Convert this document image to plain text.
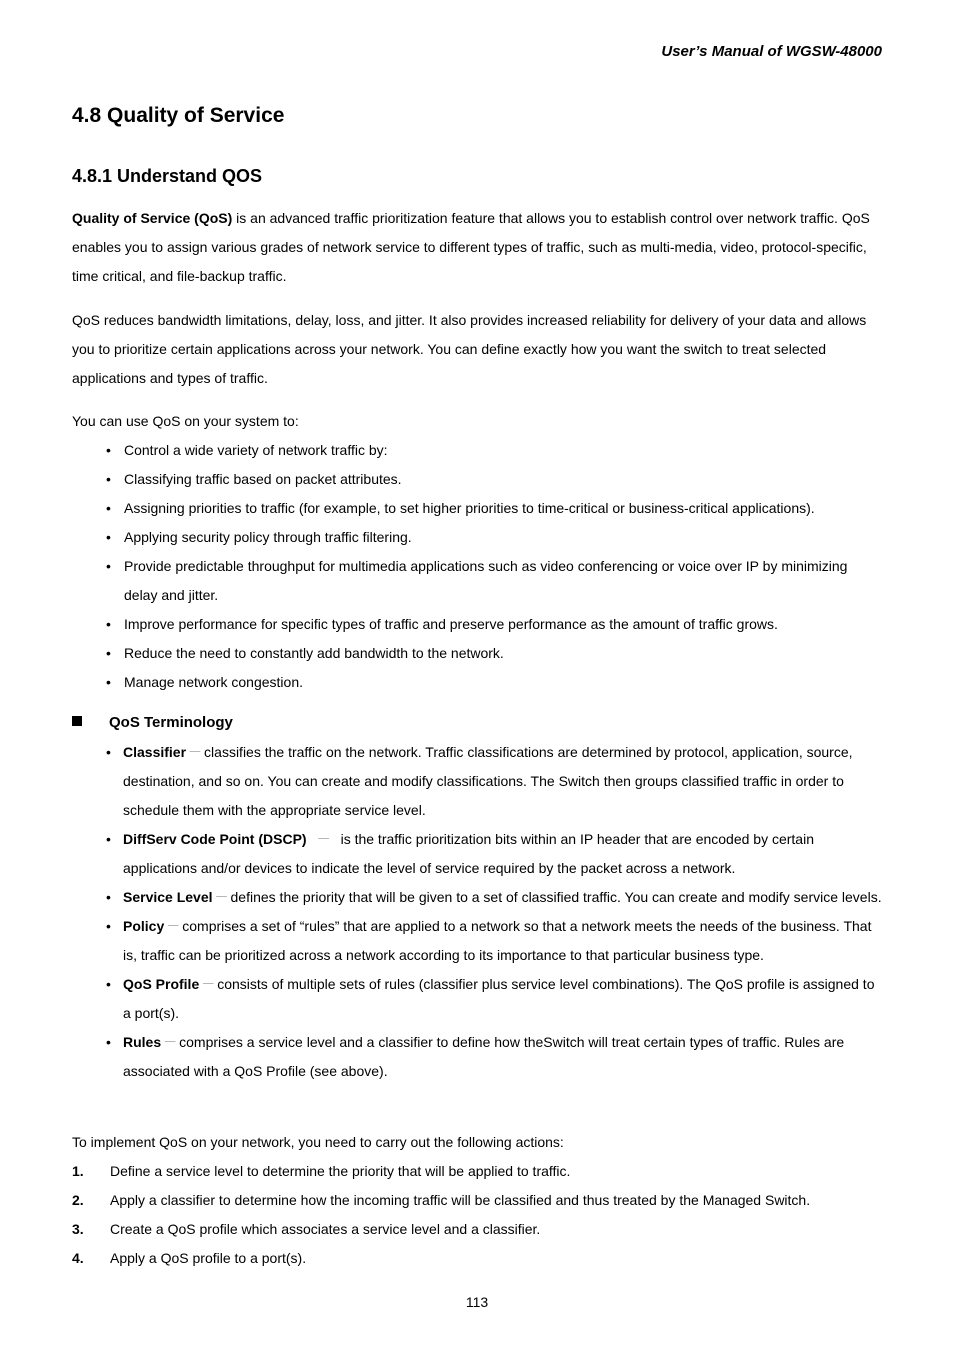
User’s Manual of WGSW-48000
4.8 Quality of Service
4.8.1 Understand QOS

Quality of Service (QoS) is an advanced traffic prioritization feature that allows you to establish control over network traffic. QoS enables you to assign various grades of network service to different types of traffic, such as multi-media, video, protocol-specific, time critical, and file-backup traffic.

QoS reduces bandwidth limitations, delay, loss, and jitter. It also provides increased reliability for delivery of your data and allows you to prioritize certain applications across your network. You can define exactly how you want the switch to treat selected applications and types of traffic.

You can use QoS on your system to:

• Control a wide variety of network traffic by:
• Classifying traffic based on packet attributes.
• Assigning priorities to traffic (for example, to set higher priorities to time-critical or business-critical applications).
• Applying security policy through traffic filtering.
• Provide predictable throughput for multimedia applications such as video conferencing or voice over IP by minimizing delay and jitter.
• Improve performance for specific types of traffic and preserve performance as the amount of traffic grows.
• Reduce the need to constantly add bandwidth to the network.
• Manage network congestion.
QoS Terminology
• Classifier － classifies the traffic on the network. Traffic classifications are determined by protocol, application, source, destination, and so on. You can create and modify classifications. The Switch then groups classified traffic in order to schedule them with the appropriate service level.
• DiffServ Code Point (DSCP) － is the traffic prioritization bits within an IP header that are encoded by certain applications and/or devices to indicate the level of service required by the packet across a network.
• Service Level － defines the priority that will be given to a set of classified traffic. You can create and modify service levels.
• Policy － comprises a set of “rules” that are applied to a network so that a network meets the needs of the business. That is, traffic can be prioritized across a network according to its importance to that particular business type.
• QoS Profile － consists of multiple sets of rules (classifier plus service level combinations). The QoS profile is assigned to a port(s).
• Rules － comprises a service level and a classifier to define how theSwitch will treat certain types of traffic. Rules are associated with a QoS Profile (see above).

To implement QoS on your network, you need to carry out the following actions:

1. Define a service level to determine the priority that will be applied to traffic.
2. Apply a classifier to determine how the incoming traffic will be classified and thus treated by the Managed Switch.
3. Create a QoS profile which associates a service level and a classifier.
4. Apply a QoS profile to a port(s).
113
